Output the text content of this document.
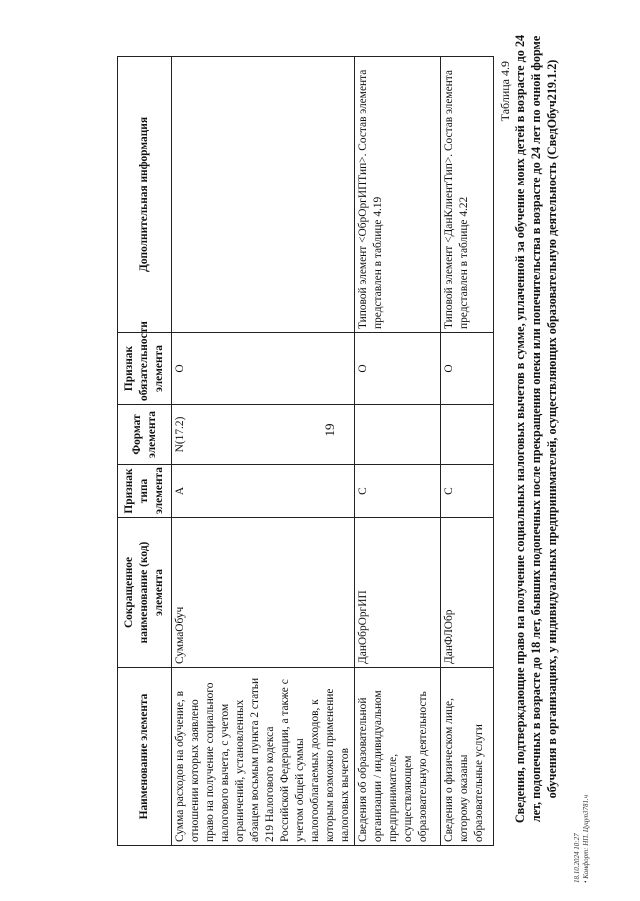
19
Наименование элемента	Сокращенное наименование (код) элемента	Признак типа элемента	Формат элемента	Признак обязательности элемента	Дополнительная информация
Сумма расходов на обучение, в отношении которых заявлено право на получение социального налогового вычета, с учетом ограничений, установленных абзацем восьмым пункта 2 статьи 219 Налогового кодекса Российской Федерации, а также с учетом общей суммы налогооблагаемых доходов, к которым возможно применение налоговых вычетов	СуммаОбуч	А	N(17.2)	О	
Сведения об образовательной организации / индивидуальном предпринимателе, осуществляющем образовательную деятельность	ДанОбрОргИП	С		О	Типовой элемент <ОбрОргИПТип>. Состав элемента представлен в таблице 4.19
Сведения о физическом лице, которому оказаны образовательные услуги	ДанФЛОбр	С		О	Типовой элемент <ДанКлиентТип>. Состав элемента представлен в таблице 4.22
Таблица 4.9 Сведения, подтверждающие право на получение социальных налоговых вычетов в сумме, уплаченной за обучение моих детей в возрасте до 24 лет, подопечных в возрасте до 18 лет, бывших подопечных после прекращения опеки или попечительства в возрасте до 24 лет по очной форме обучения в организациях, у индивидуальных предпринимателей, осуществляющих образовательную деятельность (СведОбуч219.1.2)
18.10.2024 10:27 • Комфорт: НП. Цуцуп3781.ч
